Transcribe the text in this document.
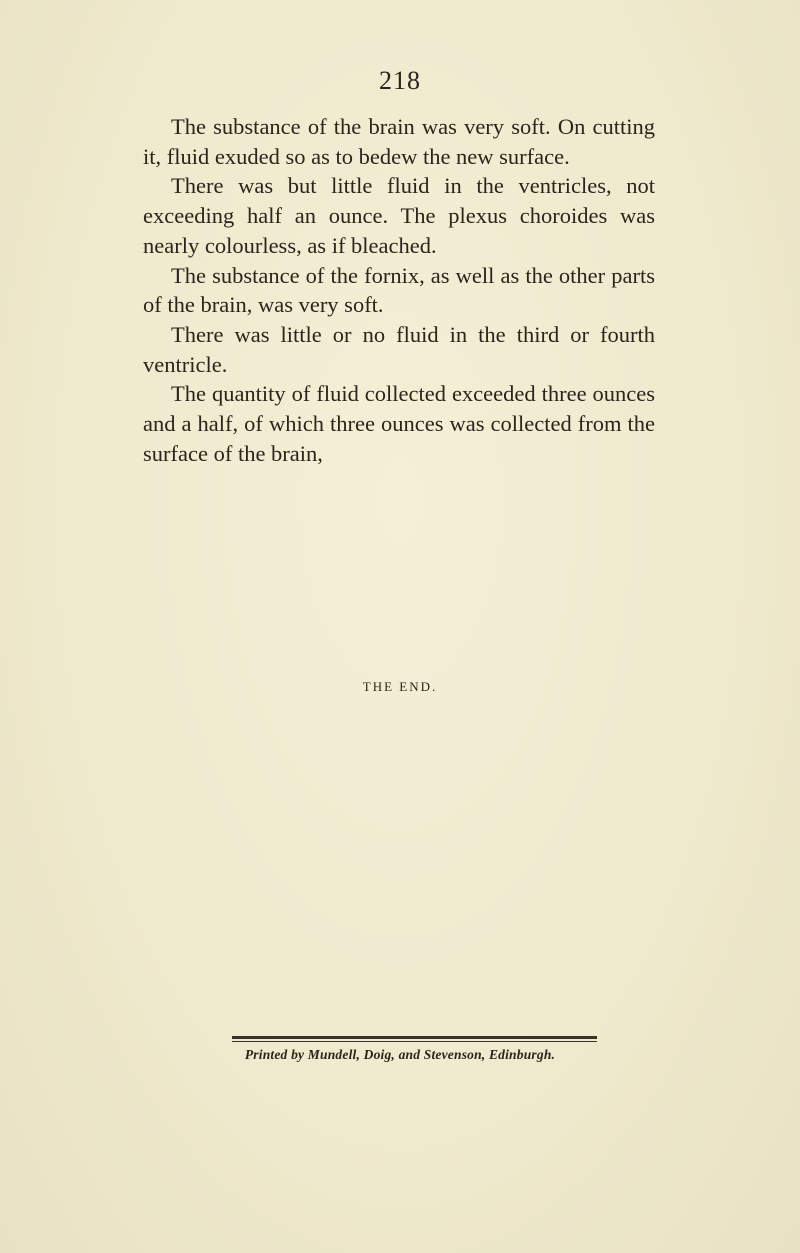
218

The substance of the brain was very soft. On cutting it, fluid exuded so as to bedew the new surface.

There was but little fluid in the ventricles, not exceeding half an ounce. The plexus choroides was nearly colourless, as if bleached.

The substance of the fornix, as well as the other parts of the brain, was very soft.

There was little or no fluid in the third or fourth ventricle.

The quantity of fluid collected exceeded three ounces and a half, of which three ounces was collected from the surface of the brain,

THE END.
Printed by Mundell, Doig, and Stevenson, Edinburgh.
